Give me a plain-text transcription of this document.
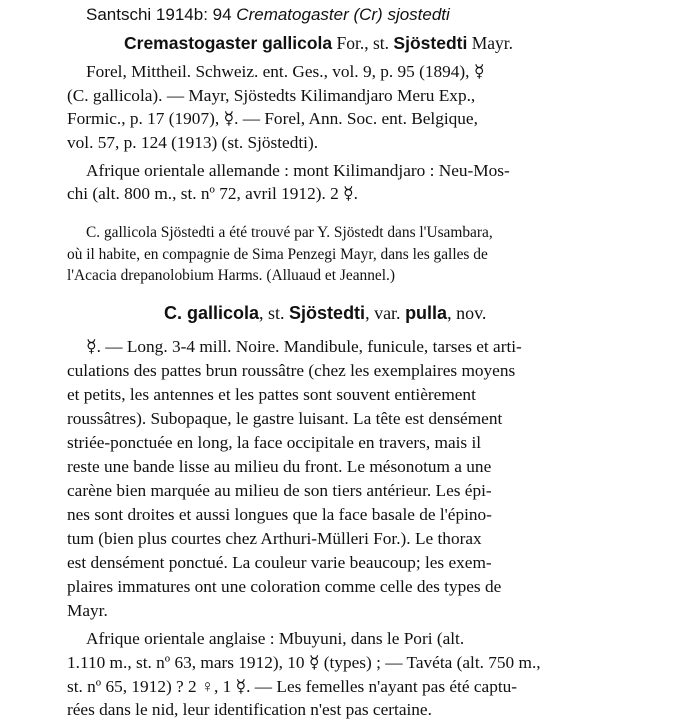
Santschi 1914b: 94 Crematogaster (Cr) sjostedti
Cremastogaster gallicola For., st. Sjöstedti Mayr.
Forel, Mittheil. Schweiz. ent. Ges., vol. 9, p. 95 (1894), ☿
(C. gallicola). — Mayr, Sjöstedts Kilimandjaro Meru Exp.,
Formic., p. 17 (1907), ☿. — Forel, Ann. Soc. ent. Belgique,
vol. 57, p. 124 (1913) (st. Sjöstedti).
Afrique orientale allemande : mont Kilimandjaro : Neu-Mos-
chi (alt. 800 m., st. nº 72, avril 1912). 2 ☿.
C. gallicola Sjöstedti a été trouvé par Y. Sjöstedt dans l'Usambara,
où il habite, en compagnie de Sima Penzegi Mayr, dans les galles de
l'Acacia drepanolobium Harms. (Alluaud et Jeannel.)
C. gallicola, st. Sjöstedti, var. pulla, nov.
☿. — Long. 3-4 mill. Noire. Mandibule, funicule, tarses et arti-
culations des pattes brun roussâtre (chez les exemplaires moyens
et petits, les antennes et les pattes sont souvent entièrement
roussâtres). Subopaque, le gastre luisant. La tête est densément
striée-ponctuée en long, la face occipitale en travers, mais il
reste une bande lisse au milieu du front. Le mésonotum a une
carène bien marquée au milieu de son tiers antérieur. Les épi-
nes sont droites et aussi longues que la face basale de l'épino-
tum (bien plus courtes chez Arthuri-Mülleri For.). Le thorax
est densément ponctué. La couleur varie beaucoup; les exem-
plaires immatures ont une coloration comme celle des types de
Mayr.
Afrique orientale anglaise : Mbuyuni, dans le Pori (alt.
1.110 m., st. nº 63, mars 1912), 10 ☿ (types) ; — Tavéta (alt. 750 m.,
st. nº 65, 1912) ? 2 ♀, 1 ☿. — Les femelles n'ayant pas été captu-
rées dans le nid, leur identification n'est pas certaine.
